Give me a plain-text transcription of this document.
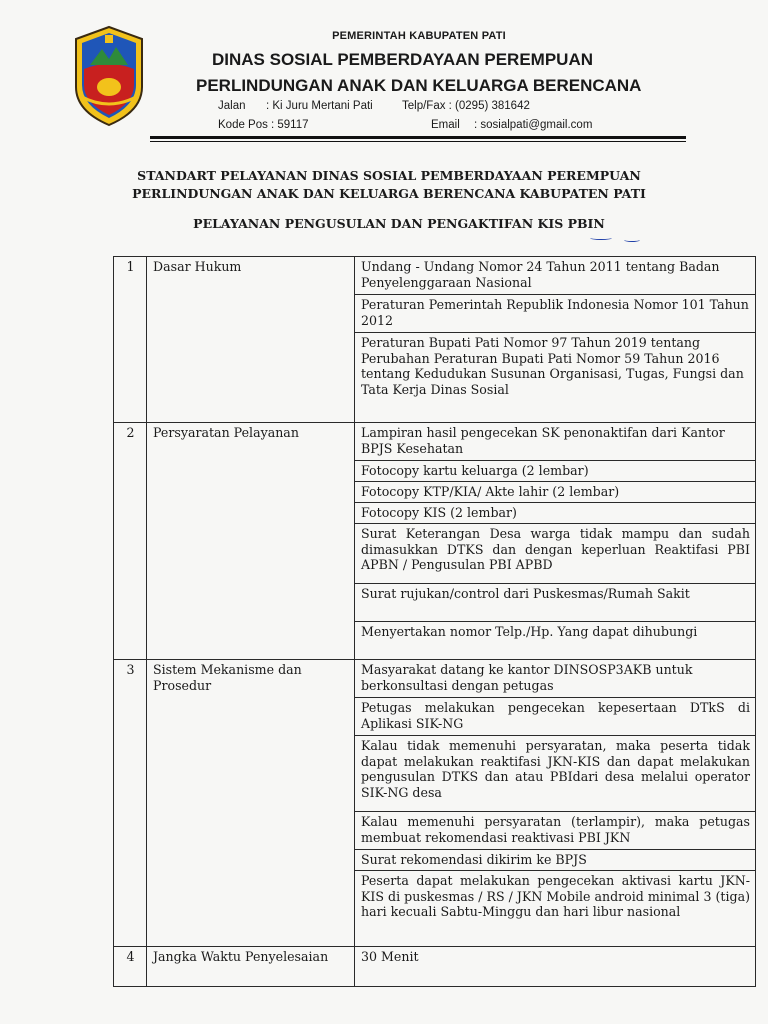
PEMERINTAH KABUPATEN PATI
DINAS SOSIAL PEMBERDAYAAN PEREMPUAN
PERLINDUNGAN ANAK DAN KELUARGA BERENCANA
Jalan : Ki Juru Mertani Pati	Telp/Fax : (0295) 381642
Kode Pos : 59117	Email : sosialpati@gmail.com
STANDART PELAYANAN DINAS SOSIAL PEMBERDAYAAN PEREMPUAN
PERLINDUNGAN ANAK DAN KELUARGA BERENCANA KABUPATEN PATI
PELAYANAN PENGUSULAN DAN PENGAKTIFAN KIS PBIN
1	Dasar Hukum	Undang - Undang Nomor 24 Tahun 2011 tentang Badan Penyelenggaraan Nasional
		Peraturan Pemerintah Republik Indonesia Nomor 101 Tahun 2012
		Peraturan Bupati Pati Nomor 97 Tahun 2019 tentang Perubahan Peraturan Bupati Pati Nomor 59 Tahun 2016 tentang Kedudukan Susunan Organisasi, Tugas, Fungsi dan Tata Kerja Dinas Sosial
2	Persyaratan Pelayanan	Lampiran hasil pengecekan SK penonaktifan dari Kantor BPJS Kesehatan
		Fotocopy kartu keluarga (2 lembar)
		Fotocopy KTP/KIA/ Akte lahir (2 lembar)
		Fotocopy KIS (2 lembar)
		Surat Keterangan Desa warga tidak mampu dan sudah dimasukkan DTKS dan dengan keperluan Reaktifasi PBI APBN / Pengusulan PBI APBD
		Surat rujukan/control dari Puskesmas/Rumah Sakit
		Menyertakan nomor Telp./Hp. Yang dapat dihubungi
3	Sistem Mekanisme dan Prosedur	Masyarakat datang ke kantor DINSOSP3AKB untuk berkonsultasi dengan petugas
		Petugas melakukan pengecekan kepesertaan DTkS di Aplikasi SIK-NG
		Kalau tidak memenuhi persyaratan, maka peserta tidak dapat melakukan reaktifasi JKN-KIS dan dapat melakukan pengusulan DTKS dan atau PBIdari desa melalui operator SIK-NG desa
		Kalau memenuhi persyaratan (terlampir), maka petugas membuat rekomendasi reaktivasi PBI JKN
		Surat rekomendasi dikirim ke BPJS
		Peserta dapat melakukan pengecekan aktivasi kartu JKN-KIS di puskesmas / RS / JKN Mobile android minimal 3 (tiga) hari kecuali Sabtu-Minggu dan hari libur nasional
4	Jangka Waktu Penyelesaian	30 Menit
